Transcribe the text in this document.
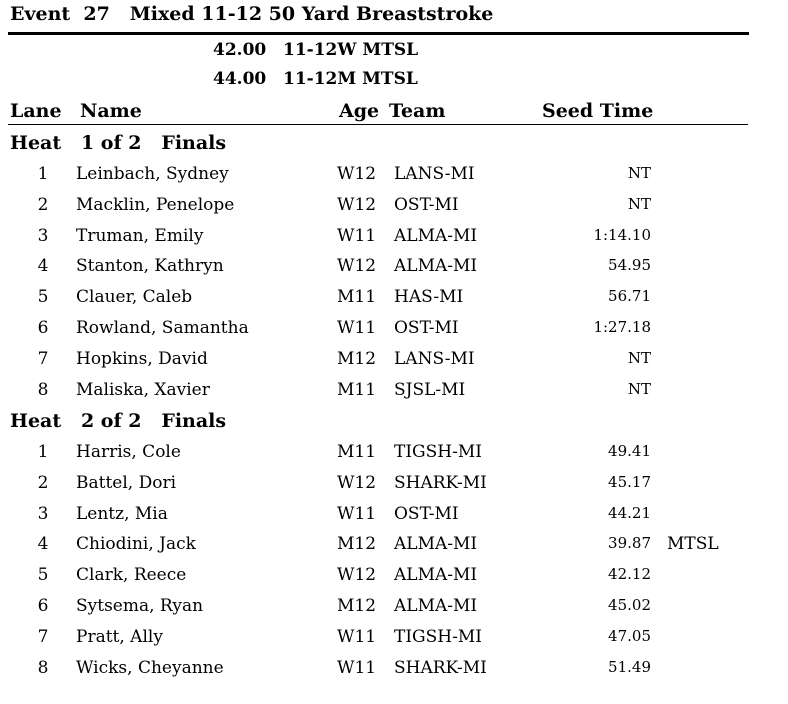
Event  27   Mixed 11-12 50 Yard Breaststroke
42.00 11-12W MTSL
44.00 11-12M MTSL
Lane Name	Age Team	Seed Time
Heat   1 of 2   Finals
1 Leinbach, Sydney	W12 LANS-MI	NT
2 Macklin, Penelope	W12 OST-MI	NT
3 Truman, Emily	W11 ALMA-MI	1:14.10
4 Stanton, Kathryn	W12 ALMA-MI	54.95
5 Clauer, Caleb	M11 HAS-MI	56.71
6 Rowland, Samantha	W11 OST-MI	1:27.18
7 Hopkins, David	M12 LANS-MI	NT
8 Maliska, Xavier	M11 SJSL-MI	NT
Heat   2 of 2   Finals
1 Harris, Cole	M11 TIGSH-MI	49.41
2 Battel, Dori	W12 SHARK-MI	45.17
3 Lentz, Mia	W11 OST-MI	44.21
4 Chiodini, Jack	M12 ALMA-MI	39.87 MTSL
5 Clark, Reece	W12 ALMA-MI	42.12
6 Sytsema, Ryan	M12 ALMA-MI	45.02
7 Pratt, Ally	W11 TIGSH-MI	47.05
8 Wicks, Cheyanne	W11 SHARK-MI	51.49
